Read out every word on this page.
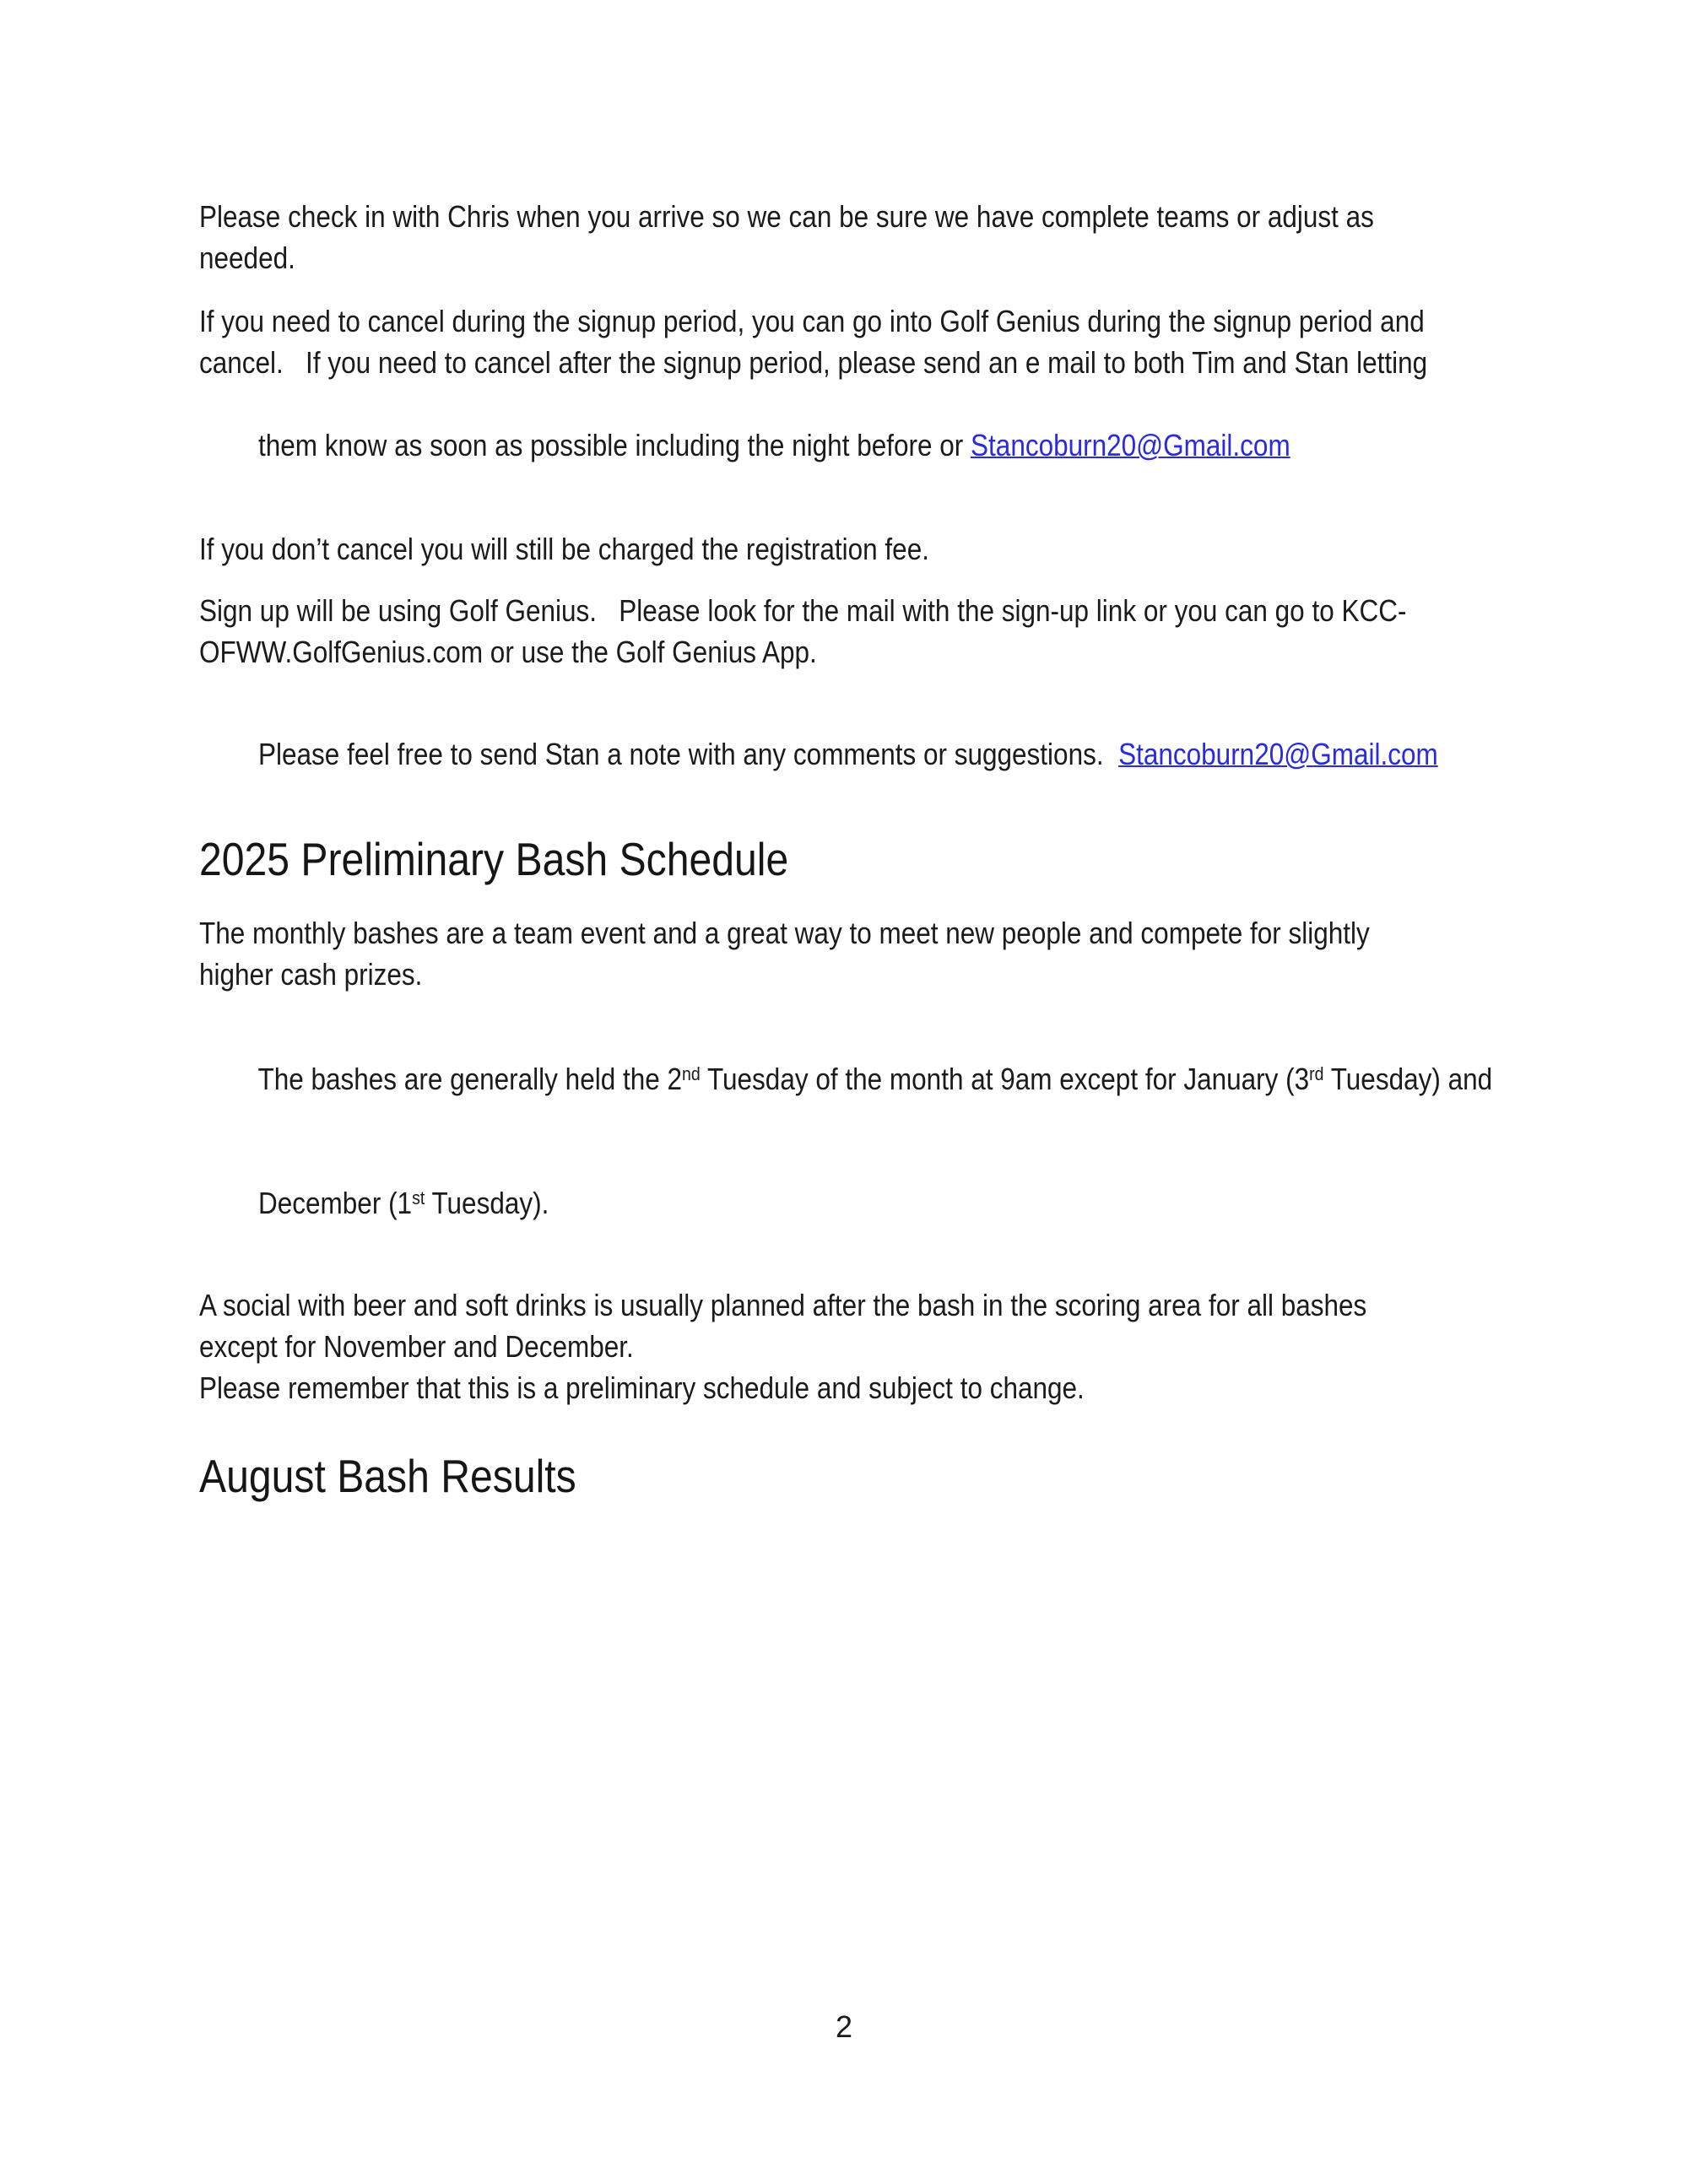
Please check in with Chris when you arrive so we can be sure we have complete teams or adjust as
needed.
If you need to cancel during the signup period, you can go into Golf Genius during the signup period and
cancel.   If you need to cancel after the signup period, please send an e mail to both Tim and Stan letting

them know as soon as possible including the night before or Stancoburn20@Gmail.com

If you don’t cancel you will still be charged the registration fee.
Sign up will be using Golf Genius.   Please look for the mail with the sign-up link or you can go to KCC-
OFWW.GolfGenius.com or use the Golf Genius App.

Please feel free to send Stan a note with any comments or suggestions.  Stancoburn20@Gmail.com

2025 Preliminary Bash Schedule
The monthly bashes are a team event and a great way to meet new people and compete for slightly
higher cash prizes.

The bashes are generally held the 2nd Tuesday of the month at 9am except for January (3rd Tuesday) and

December (1st Tuesday).

A social with beer and soft drinks is usually planned after the bash in the scoring area for all bashes
except for November and December.
Please remember that this is a preliminary schedule and subject to change.
August Bash Results
2
